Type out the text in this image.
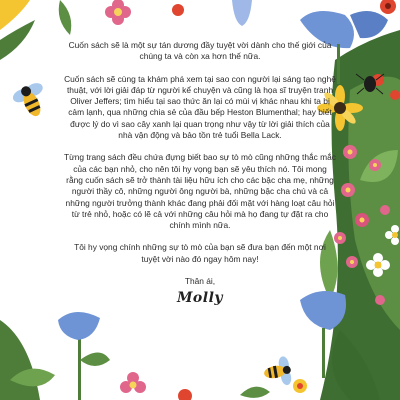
Cuốn sách sẽ là một sự tán dương đầy tuyệt vời dành cho thế giới của chúng ta và còn xa hơn thế nữa.

Cuốn sách sẽ cùng ta khám phá xem tại sao con người lại sáng tạo nghệ thuật, với lời giải đáp từ người kể chuyện và cũng là họa sĩ truyện tranh Oliver Jeffers; tìm hiểu tại sao thức ăn lại có mùi vị khác nhau khi ta bị cảm lạnh, qua những chia sẻ của đầu bếp Heston Blumenthal; hay biết được lý do vì sao cây xanh lại quan trọng như vậy từ lời giải thích của nhà vận động và bảo tồn trẻ tuổi Bella Lack.

Từng trang sách đều chứa đựng biết bao sự tò mò cũng những thắc mắc của các bạn nhỏ, cho nên tôi hy vọng bạn sẽ yêu thích nó. Tôi mong rằng cuốn sách sẽ trở thành tài liệu hữu ích cho các bậc cha mẹ, những người thầy cô, những người ông người bà, những bậc cha chú và cả những người trưởng thành khác đang phải đối mặt với hàng loạt câu hỏi từ trẻ nhỏ, hoặc có lẽ cả với những câu hỏi mà họ đang tự đặt ra cho chính mình nữa.

Tôi hy vọng chính những sự tò mò của bạn sẽ đưa bạn đến một nơi tuyệt vời nào đó ngay hôm nay!

Thân ái,
Molly
